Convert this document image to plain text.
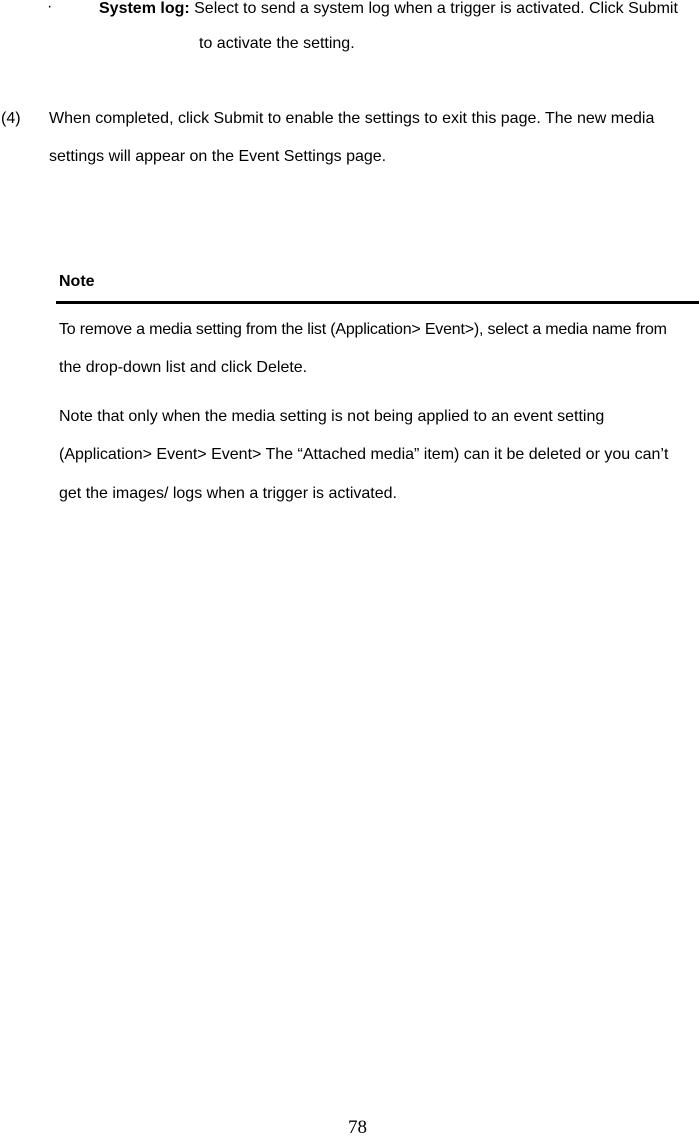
·	System log: Select to send a system log when a trigger is activated. Click Submit
to activate the setting.
(4) When completed, click Submit to enable the settings to exit this page. The new media
settings will appear on the Event Settings page.
Note
To remove a media setting from the list (Application> Event>), select a media name from
the drop-down list and click Delete.
Note that only when the media setting is not being applied to an event setting
(Application> Event> Event> The “Attached media” item) can it be deleted or you can’t
get the images/ logs when a trigger is activated.
78
